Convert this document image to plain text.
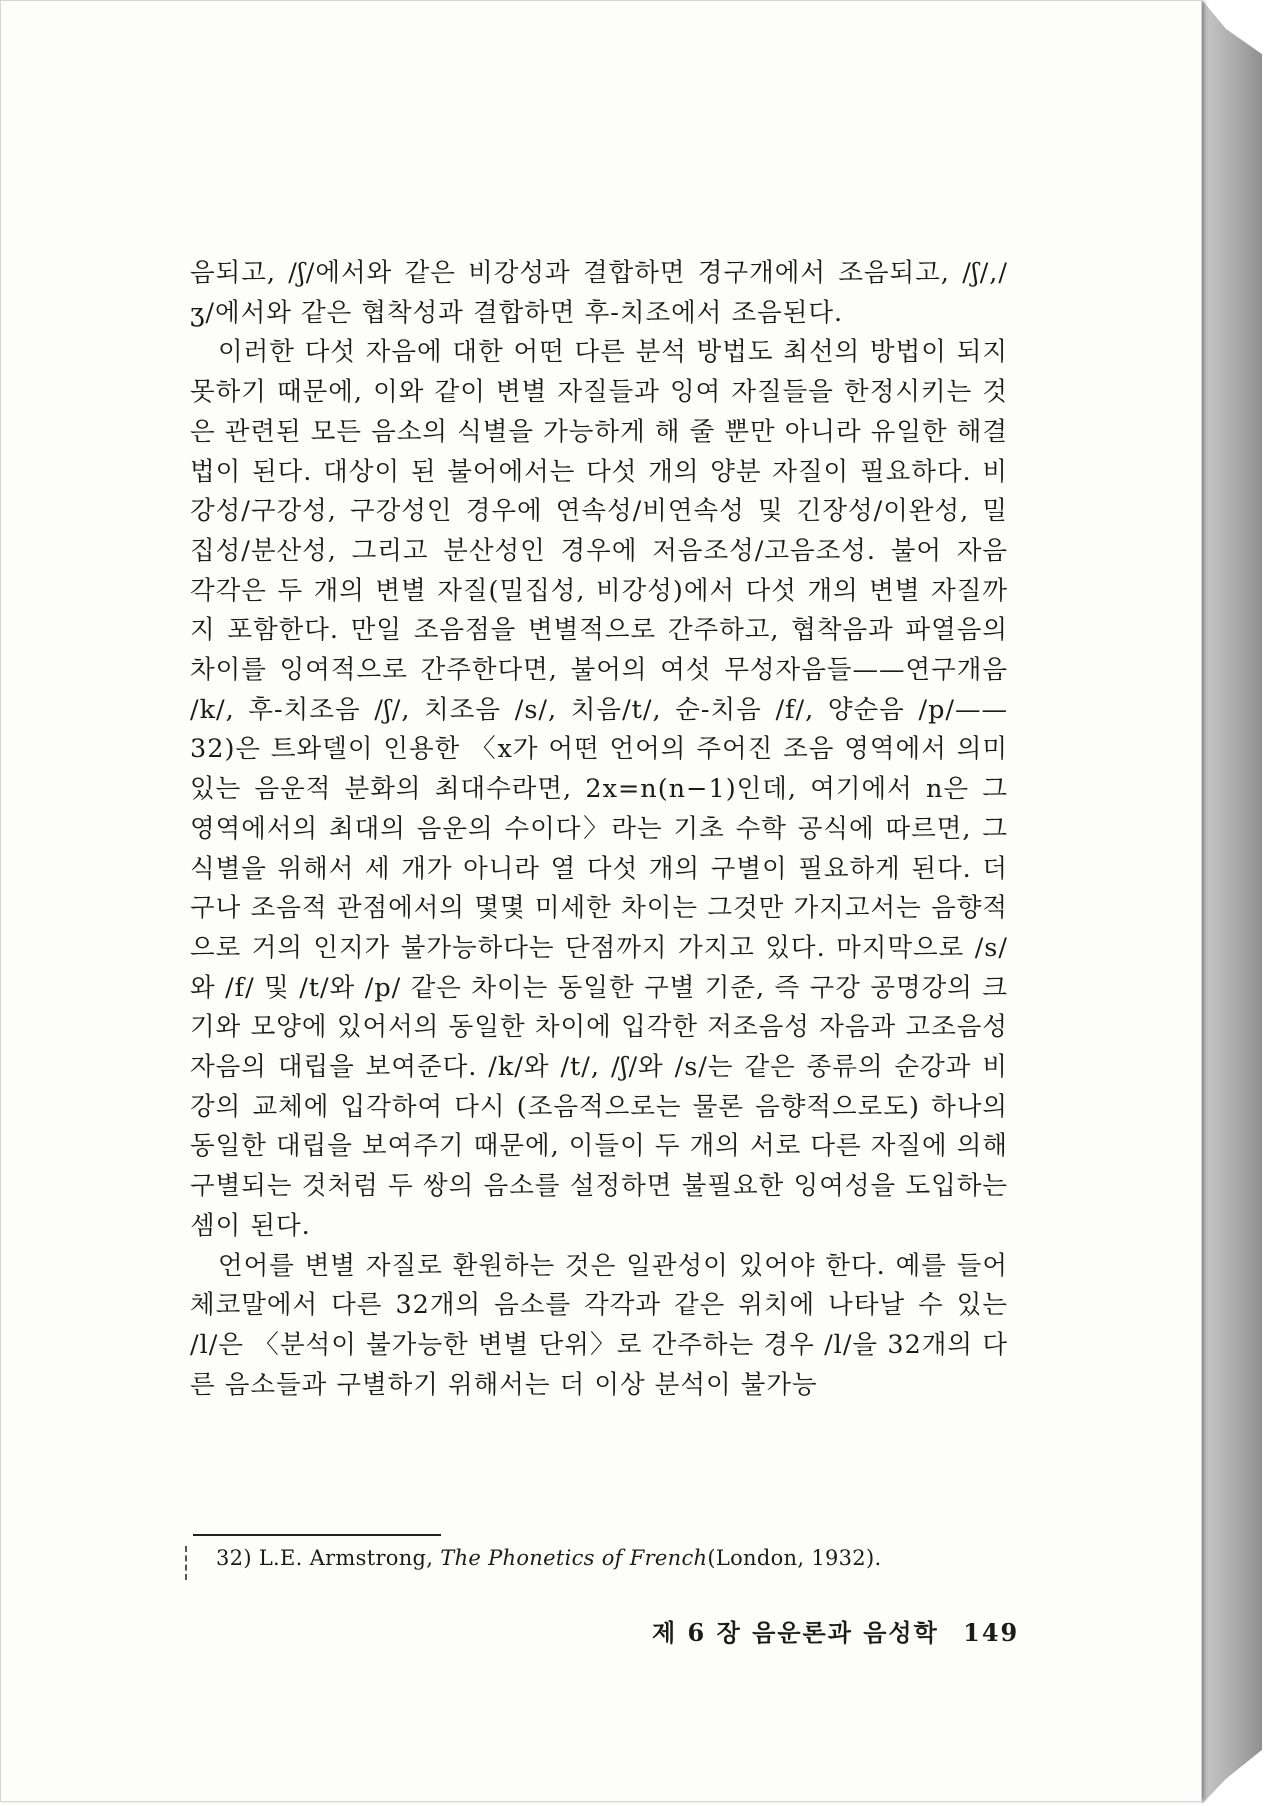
음되고, /ʃ/에서와 같은 비강성과 결합하면 경구개에서 조음되고, /ʃ/,/ʒ/에서와 같은 협착성과 결합하면 후-치조에서 조음된다.

이러한 다섯 자음에 대한 어떤 다른 분석 방법도 최선의 방법이 되지 못하기 때문에, 이와 같이 변별 자질들과 잉여 자질들을 한정시키는 것은 관련된 모든 음소의 식별을 가능하게 해 줄 뿐만 아니라 유일한 해결법이 된다. 대상이 된 불어에서는 다섯 개의 양분 자질이 필요하다. 비강성/구강성, 구강성인 경우에 연속성/비연속성 및 긴장성/이완성, 밀집성/분산성, 그리고 분산성인 경우에 저음조성/고음조성. 불어 자음 각각은 두 개의 변별 자질(밀집성, 비강성)에서 다섯 개의 변별 자질까지 포함한다. 만일 조음점을 변별적으로 간주하고, 협착음과 파열음의 차이를 잉여적으로 간주한다면, 불어의 여섯 무성자음들——연구개음 /k/, 후-치조음 /ʃ/, 치조음 /s/, 치음/t/, 순-치음 /f/, 양순음 /p/——32)은 트와델이 인용한 〈x가 어떤 언어의 주어진 조음 영역에서 의미 있는 음운적 분화의 최대수라면, 2x=n(n−1)인데, 여기에서 n은 그 영역에서의 최대의 음운의 수이다〉라는 기초 수학 공식에 따르면, 그 식별을 위해서 세 개가 아니라 열 다섯 개의 구별이 필요하게 된다. 더구나 조음적 관점에서의 몇몇 미세한 차이는 그것만 가지고서는 음향적으로 거의 인지가 불가능하다는 단점까지 가지고 있다. 마지막으로 /s/와 /f/ 및 /t/와 /p/ 같은 차이는 동일한 구별 기준, 즉 구강 공명강의 크기와 모양에 있어서의 동일한 차이에 입각한 저조음성 자음과 고조음성 자음의 대립을 보여준다. /k/와 /t/, /ʃ/와 /s/는 같은 종류의 순강과 비강의 교체에 입각하여 다시 (조음적으로는 물론 음향적으로도) 하나의 동일한 대립을 보여주기 때문에, 이들이 두 개의 서로 다른 자질에 의해 구별되는 것처럼 두 쌍의 음소를 설정하면 불필요한 잉여성을 도입하는 셈이 된다.

언어를 변별 자질로 환원하는 것은 일관성이 있어야 한다. 예를 들어 체코말에서 다른 32개의 음소를 각각과 같은 위치에 나타날 수 있는 /l/은 〈분석이 불가능한 변별 단위〉로 간주하는 경우 /l/을 32개의 다른 음소들과 구별하기 위해서는 더 이상 분석이 불가능

32) L.E. Armstrong, The Phonetics of French(London, 1932).
제 6 장 음운론과 음성학 149
